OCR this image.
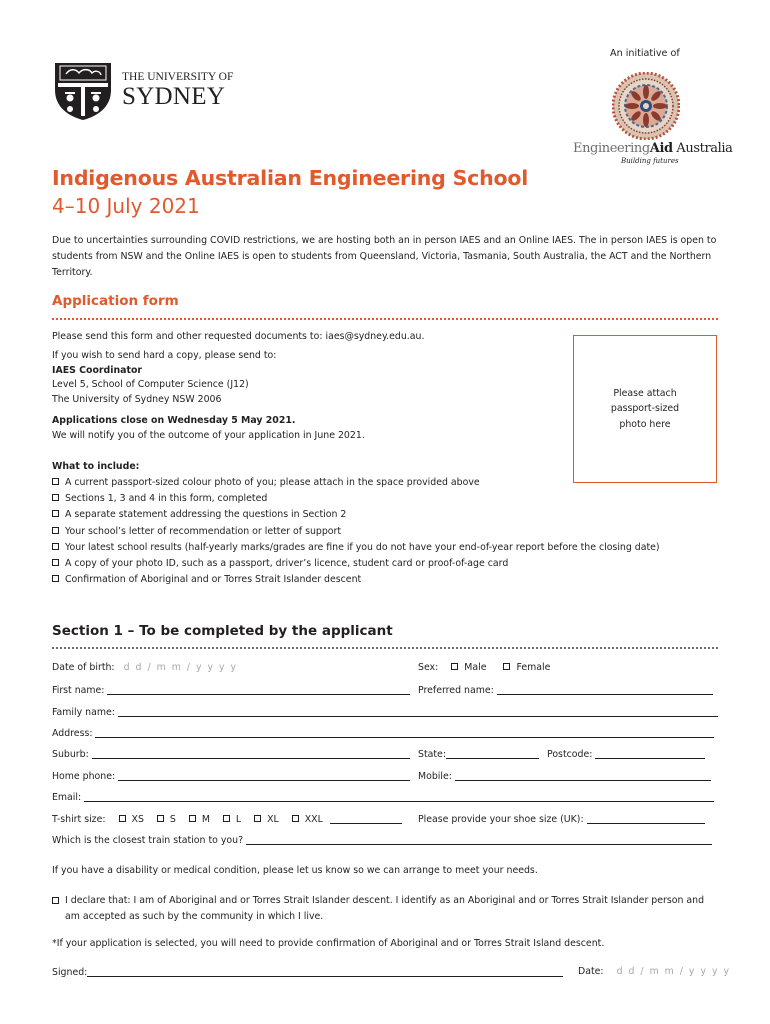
THE UNIVERSITY OF
SYDNEY
An initiative of
EngineeringAid Australia
Building futures
Indigenous Australian Engineering School
4–10 July 2021
Due to uncertainties surrounding COVID restrictions, we are hosting both an in person IAES and an Online IAES. The in person IAES is open to students from NSW and the Online IAES is open to students from Queensland, Victoria, Tasmania, South Australia, the ACT and the Northern Territory.
Application form
Please send this form and other requested documents to: iaes@sydney.edu.au.
If you wish to send hard a copy, please send to:
IAES Coordinator
Level 5, School of Computer Science (J12)
The University of Sydney NSW 2006
Applications close on Wednesday 5 May 2021.
We will notify you of the outcome of your application in June 2021.
Please attach
passport-sized
photo here
What to include:
A current passport-sized colour photo of you; please attach in the space provided above
Sections 1, 3 and 4 in this form, completed
A separate statement addressing the questions in Section 2
Your school’s letter of recommendation or letter of support
Your latest school results (half-yearly marks/grades are fine if you do not have your end-of-year report before the closing date)
A copy of your photo ID, such as a passport, driver’s licence, student card or proof-of-age card
Confirmation of Aboriginal and or Torres Strait Islander descent
Section 1 – To be completed by the applicant
Date of birth: d d / m m / y y y y	Sex:	Male	Female
First name:	Preferred name:
Family name:
Address:
Suburb:	State:	Postcode:
Home phone:	Mobile:
Email:
T-shirt size:	XS	S	M	L	XL	XXL	Please provide your shoe size (UK):
Which is the closest train station to you?
If you have a disability or medical condition, please let us know so we can arrange to meet your needs.
I declare that: I am of Aboriginal and or Torres Strait Islander descent. I identify as an Aboriginal and or Torres Strait Islander person and am accepted as such by the community in which I live.
*If your application is selected, you will need to provide confirmation of Aboriginal and or Torres Strait Island descent.
Signed:	Date: d d / m m / y y y y
